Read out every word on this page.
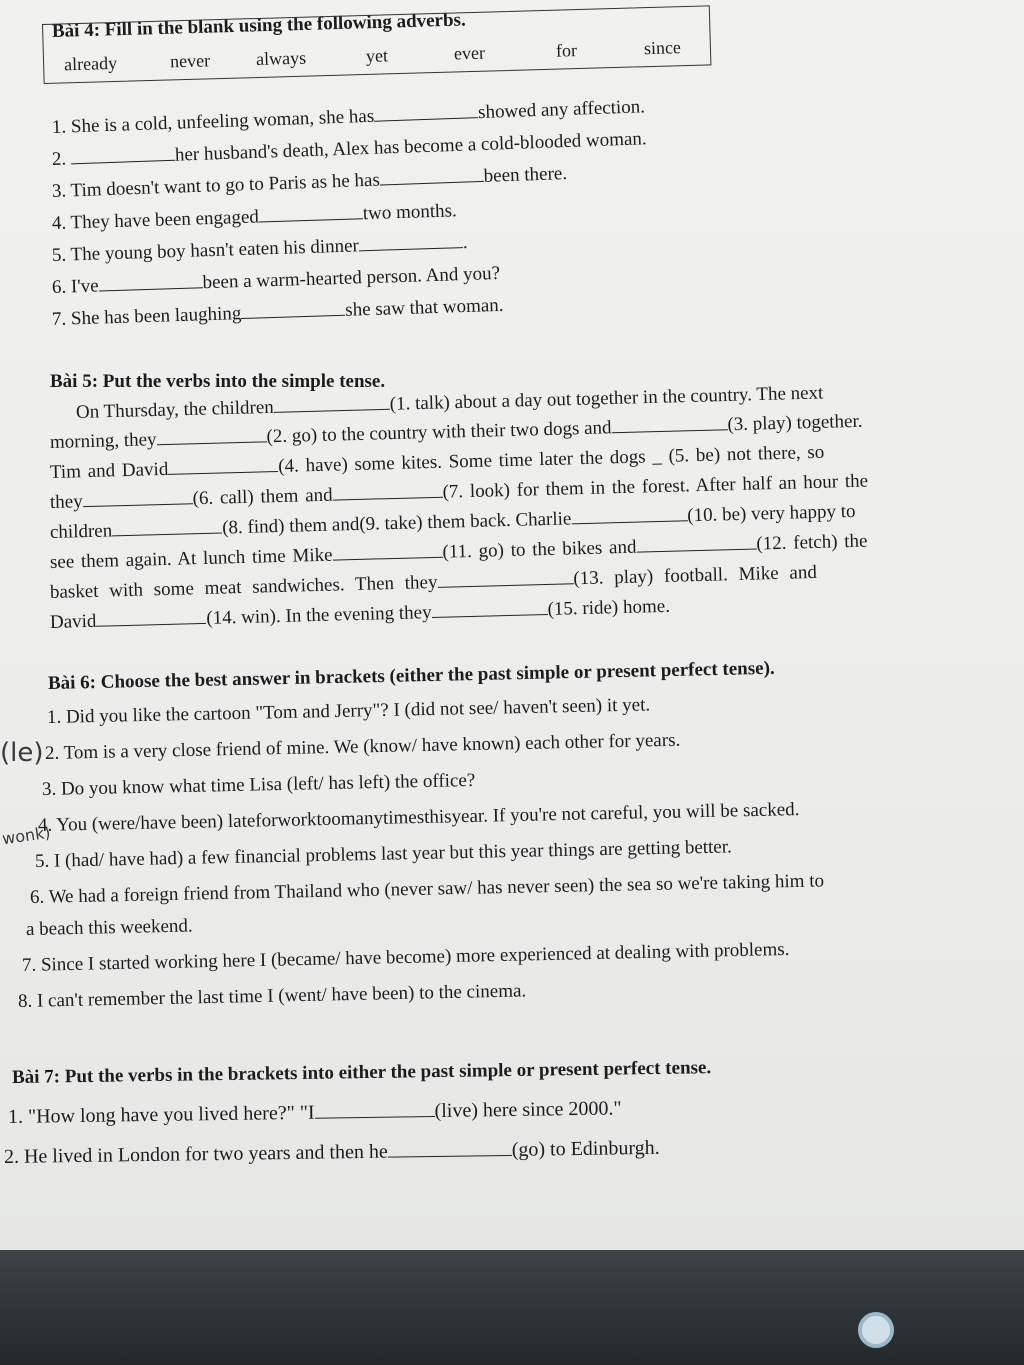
Bài 4: Fill in the blank using the following adverbs.
already	never	always	yet	ever	for	since
1. She is a cold, unfeeling woman, she has	showed any affection.
2.	her husband's death, Alex has become a cold-blooded woman.
3. Tim doesn't want to go to Paris as he has	been there.
4. They have been engaged	two months.
5. The young boy hasn't eaten his dinner	.
6. I've	been a warm-hearted person. And you?
7. She has been laughing	she saw that woman.
Bài 5: Put the verbs into the simple tense.
On Thursday, the children	(1. talk) about a day out together in the country. The next
morning, they	(2. go) to the country with their two dogs and	(3. play) together.
Tim and David	(4. have) some kites. Some time later the dogs _ (5. be) not there, so
they	(6. call) them and	(7. look) for them in the forest. After half an hour the
children	(8. find) them and(9. take) them back. Charlie	(10. be) very happy to
see them again. At lunch time Mike	(11. go) to the bikes and	(12. fetch) the
basket with some meat sandwiches. Then they	(13. play) football. Mike and
David	(14. win). In the evening they	(15. ride) home.
Bài 6: Choose the best answer in brackets (either the past simple or present perfect tense).
1. Did you like the cartoon "Tom and Jerry"? I (did not see/ haven't seen) it yet.
2. Tom is a very close friend of mine. We (know/ have known) each other for years.
3. Do you know what time Lisa (left/ has left) the office?
4. You (were/have been) lateforworktoomanytimesthisyear. If you're not careful, you will be sacked.
5. I (had/ have had) a few financial problems last year but this year things are getting better.
6. We had a foreign friend from Thailand who (never saw/ has never seen) the sea so we're taking him to
a beach this weekend.
7. Since I started working here I (became/ have become) more experienced at dealing with problems.
8. I can't remember the last time I (went/ have been) to the cinema.
(le)
wonk)
Bài 7: Put the verbs in the brackets into either the past simple or present perfect tense.
1. "How long have you lived here?" "I	(live) here since 2000."
2. He lived in London for two years and then he	(go) to Edinburgh.
